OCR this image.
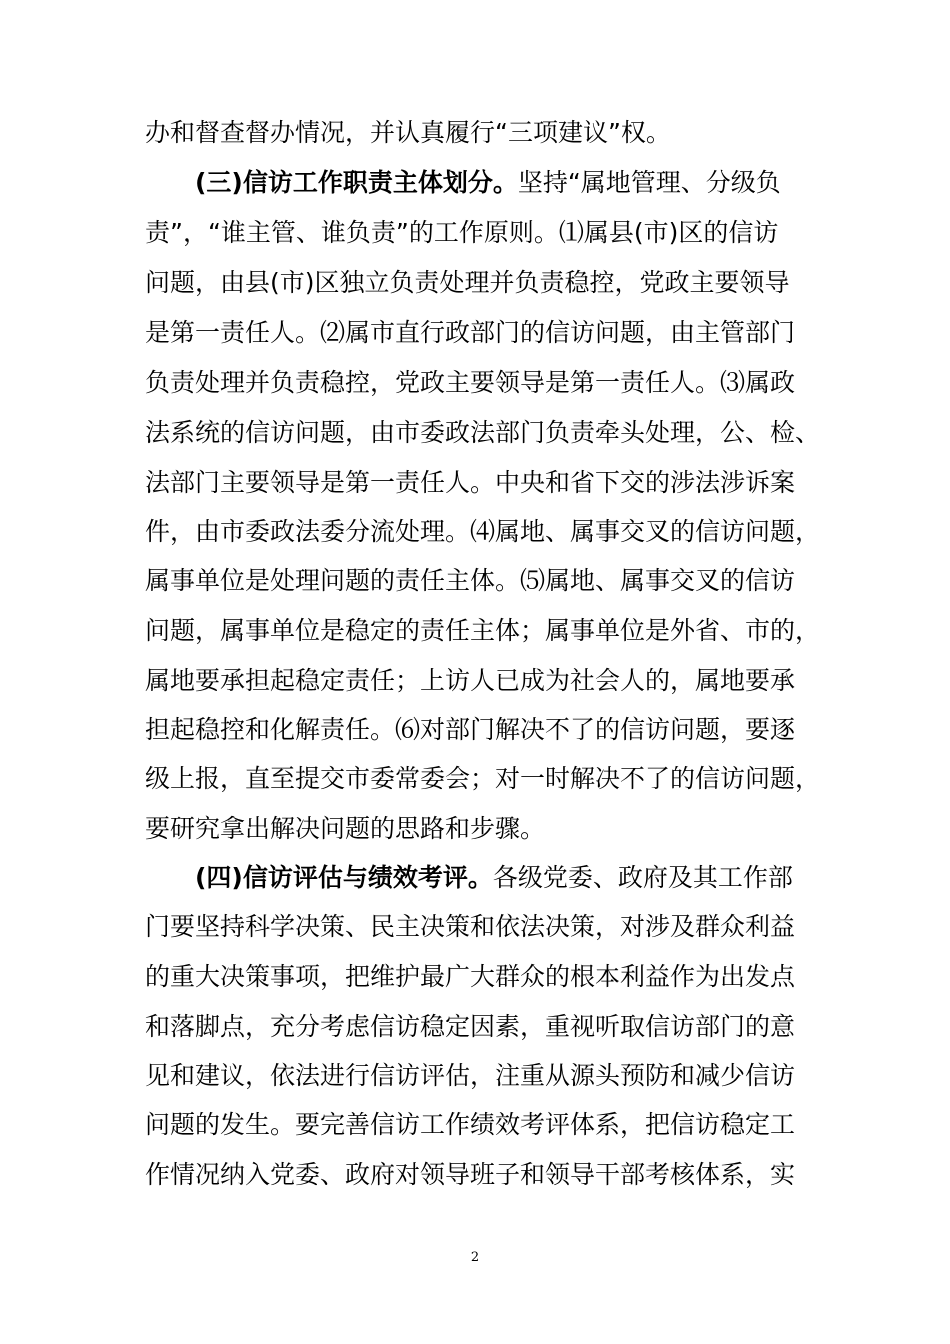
办和督查督办情况，并认真履行“三项建议”权。
(三)信访工作职责主体划分。坚持“属地管理、分级负
责”，“谁主管、谁负责”的工作原则。⑴属县(市)区的信访
问题，由县(市)区独立负责处理并负责稳控，党政主要领导
是第一责任人。⑵属市直行政部门的信访问题，由主管部门
负责处理并负责稳控，党政主要领导是第一责任人。⑶属政
法系统的信访问题，由市委政法部门负责牵头处理，公、检、
法部门主要领导是第一责任人。中央和省下交的涉法涉诉案
件，由市委政法委分流处理。⑷属地、属事交叉的信访问题，
属事单位是处理问题的责任主体。⑸属地、属事交叉的信访
问题，属事单位是稳定的责任主体；属事单位是外省、市的，
属地要承担起稳定责任；上访人已成为社会人的，属地要承
担起稳控和化解责任。⑹对部门解决不了的信访问题，要逐
级上报，直至提交市委常委会；对一时解决不了的信访问题，
要研究拿出解决问题的思路和步骤。
(四)信访评估与绩效考评。各级党委、政府及其工作部
门要坚持科学决策、民主决策和依法决策，对涉及群众利益
的重大决策事项，把维护最广大群众的根本利益作为出发点
和落脚点，充分考虑信访稳定因素，重视听取信访部门的意
见和建议，依法进行信访评估，注重从源头预防和减少信访
问题的发生。要完善信访工作绩效考评体系，把信访稳定工
作情况纳入党委、政府对领导班子和领导干部考核体系，实
2
